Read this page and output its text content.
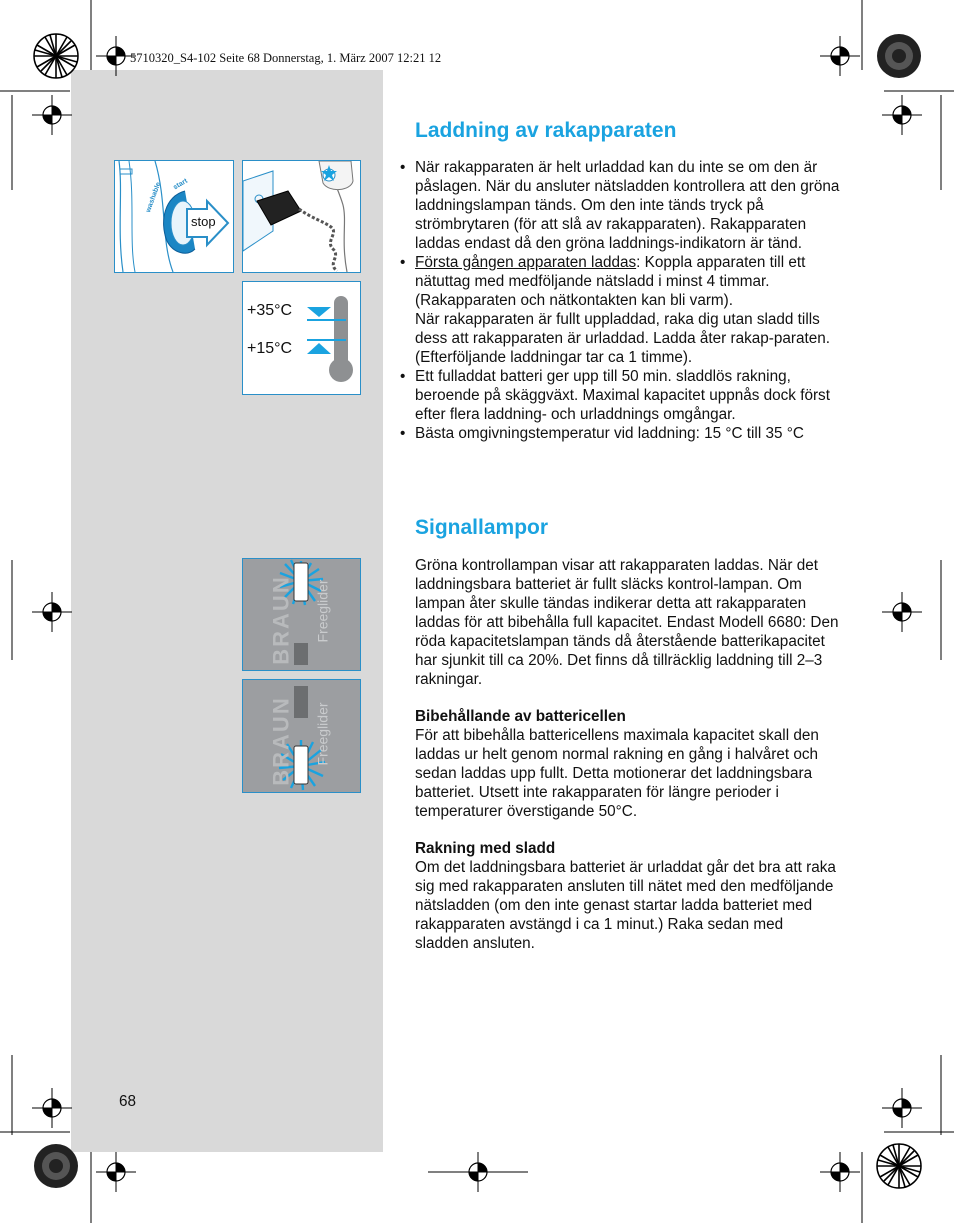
5710320_S4-102 Seite 68 Donnerstag, 1. März 2007 12:21 12
washable start
stop
+35°C
+15°C
BRAUN Freeglider
BRAUN Freeglider
Laddning av rakapparaten
• När rakapparaten är helt urladdad kan du inte se om den är påslagen. När du ansluter nätsladden kontrollera att den gröna laddningslampan tänds. Om den inte tänds tryck på strömbrytaren (för att slå av rakapparaten). Rakapparaten laddas endast då den gröna laddnings-indikatorn är tänd.
• Första gången apparaten laddas: Koppla apparaten till ett nätuttag med medföljande nätsladd i minst 4 timmar. (Rakapparaten och nätkontakten kan bli varm).
När rakapparaten är fullt uppladdad, raka dig utan sladd tills dess att rakapparaten är urladdad. Ladda åter rakap-paraten. (Efterföljande laddningar tar ca 1 timme).
• Ett fulladdat batteri ger upp till 50 min. sladdlös rakning, beroende på skäggväxt. Maximal kapacitet uppnås dock först efter flera laddning- och urladdnings omgångar.
• Bästa omgivningstemperatur vid laddning: 15 °C till 35 °C
Signallampor

Gröna kontrollampan visar att rakapparaten laddas. När det laddningsbara batteriet är fullt släcks kontrol-lampan. Om lampan åter skulle tändas indikerar detta att rakapparaten laddas för att bibehålla full kapacitet. Endast Modell 6680: Den röda kapacitetslampan tänds då återstående batterikapacitet har sjunkit till ca 20%. Det finns då tillräcklig laddning till 2–3 rakningar.

Bibehållande av battericellen
För att bibehålla battericellens maximala kapacitet skall den laddas ur helt genom normal rakning en gång i halvåret och sedan laddas upp fullt. Detta motionerar det laddningsbara batteriet. Utsett inte rakapparaten för längre perioder i temperaturer överstigande 50°C.

Rakning med sladd
Om det laddningsbara batteriet är urladdat går det bra att raka sig med rakapparaten ansluten till nätet med den medföljande nätsladden (om den inte genast startar ladda batteriet med rakapparaten avstängd i ca 1 minut.) Raka sedan med sladden ansluten.

68
